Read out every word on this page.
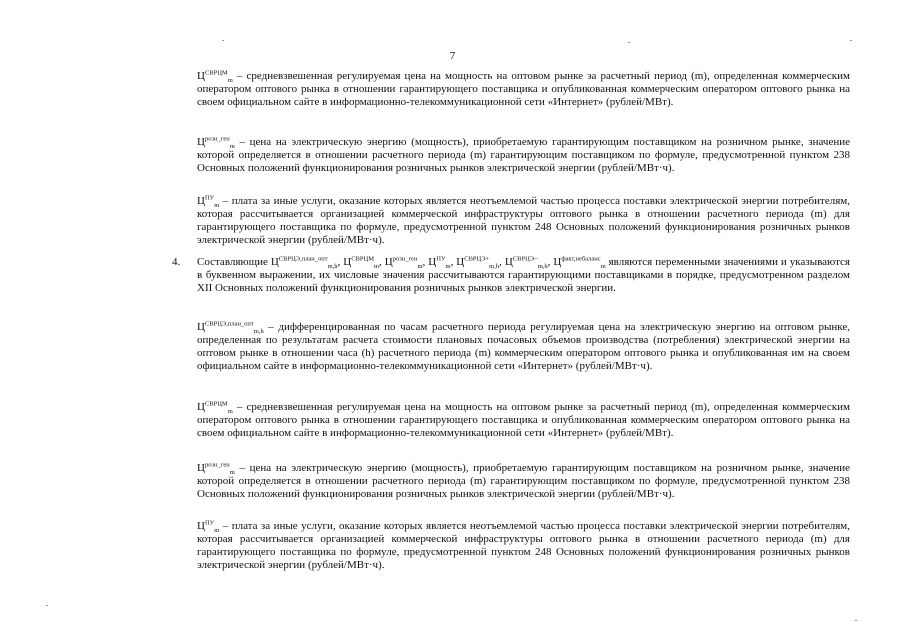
7

$Ц^{СВРЦМ}_m$ – средневзвешенная регулируемая цена на мощность на оптовом рынке за расчетный период (m), определенная коммерческим оператором оптового рынка в отношении гарантирующего поставщика и опубликованная коммерческим оператором оптового рынка на своем официальном сайте в информационно-телекоммуникационной сети «Интернет» (рублей/МВт).

$Ц^{розн\_ген}_m$ – цена на электрическую энергию (мощность), приобретаемую гарантирующим поставщиком на розничном рынке, значение которой определяется в отношении расчетного периода (m) гарантирующим поставщиком по формуле, предусмотренной пунктом 238 Основных положений функционирования розничных рынков электрической энергии (рублей/МВт·ч).

$Ц^{ПУ}_m$ – плата за иные услуги, оказание которых является неотъемлемой частью процесса поставки электрической энергии потребителям, которая рассчитывается организацией коммерческой инфраструктуры оптового рынка в отношении расчетного периода (m) для гарантирующего поставщика по формуле, предусмотренной пунктом 248 Основных положений функционирования розничных рынков электрической энергии (рублей/МВт·ч).

4. Составляющие $Ц^{СВРЦЭ,план\_опт}_{m,h}$, $Ц^{СВРЦМ}_m$, $Ц^{розн\_ген}_m$, $Ц^{ПУ}_m$, $Ц^{СВРЦЭ+}_{m,h}$, $Ц^{СВРЦЭ-}_{m,h}$, $Ц^{факт,небаланс}_m$ являются переменными значениями и указываются в буквенном выражении, их числовые значения рассчитываются гарантирующими поставщиками в порядке, предусмотренном разделом XII Основных положений функционирования розничных рынков электрической энергии.

$Ц^{СВРЦЭ,план\_опт}_{m,h}$ – дифференцированная по часам расчетного периода регулируемая цена на электрическую энергию на оптовом рынке, определенная по результатам расчета стоимости плановых почасовых объемов производства (потребления) электрической энергии на оптовом рынке в отношении часа (h) расчетного периода (m) коммерческим оператором оптового рынка и опубликованная им на своем официальном сайте в информационно-телекоммуникационной сети «Интернет» (рублей/МВт·ч).

$Ц^{СВРЦМ}_m$ – средневзвешенная регулируемая цена на мощность на оптовом рынке за расчетный период (m), определенная коммерческим оператором оптового рынка в отношении гарантирующего поставщика и опубликованная коммерческим оператором оптового рынка на своем официальном сайте в информационно-телекоммуникационной сети «Интернет» (рублей/МВт).

$Ц^{розн\_ген}_m$ – цена на электрическую энергию (мощность), приобретаемую гарантирующим поставщиком на розничном рынке, значение которой определяется в отношении расчетного периода (m) гарантирующим поставщиком по формуле, предусмотренной пунктом 238 Основных положений функционирования розничных рынков электрической энергии (рублей/МВт·ч).

$Ц^{ПУ}_m$ – плата за иные услуги, оказание которых является неотъемлемой частью процесса поставки электрической энергии потребителям, которая рассчитывается организацией коммерческой инфраструктуры оптового рынка в отношении расчетного периода (m) для гарантирующего поставщика по формуле, предусмотренной пунктом 248 Основных положений функционирования розничных рынков электрической энергии (рублей/МВт·ч).
